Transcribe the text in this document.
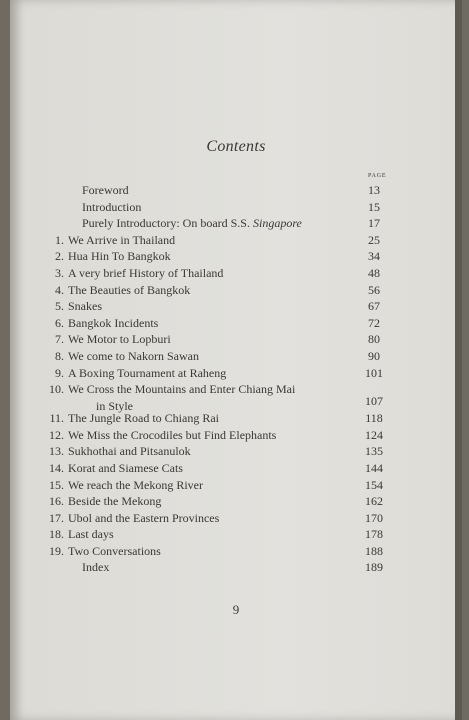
Contents
PAGE
Foreword	13
Introduction	15
Purely Introductory: On board S.S. Singapore	17
1. We Arrive in Thailand	25
2. Hua Hin To Bangkok	34
3. A very brief History of Thailand	48
4. The Beauties of Bangkok	56
5. Snakes	67
6. Bangkok Incidents	72
7. We Motor to Lopburi	80
8. We come to Nakorn Sawan	90
9. A Boxing Tournament at Raheng	101
10. We Cross the Mountains and Enter Chiang Mai
in Style	107
11. The Jungle Road to Chiang Rai	118
12. We Miss the Crocodiles but Find Elephants	124
13. Sukhothai and Pitsanulok	135
14. Korat and Siamese Cats	144
15. We reach the Mekong River	154
16. Beside the Mekong	162
17. Ubol and the Eastern Provinces	170
18. Last days	178
19. Two Conversations	188
Index	189
9
